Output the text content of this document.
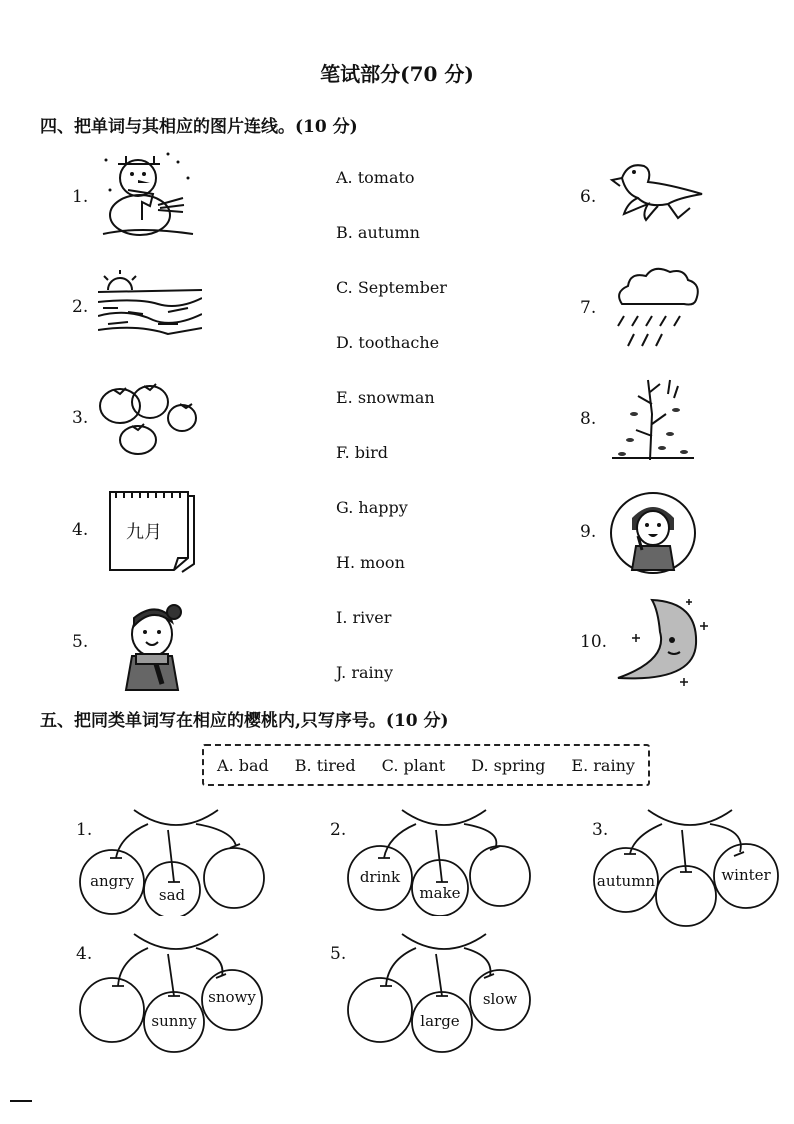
笔试部分(70 分)
四、把单词与其相应的图片连线。(10 分)
1.
2.
3.
4.
5.
6.
7.
8.
9.
10.
A. tomato
B. autumn
C. September
D. toothache
E. snowman
F. bird
G. happy
H. moon
I. river
J. rainy
九月
五、把同类单词写在相应的樱桃内,只写序号。(10 分)
A. bad B. tired C. plant D. spring E. rainy
1.
angry
sad
2.
drink
make
3.
autumn	winter
4.
sunny
snowy
5.
large
slow
